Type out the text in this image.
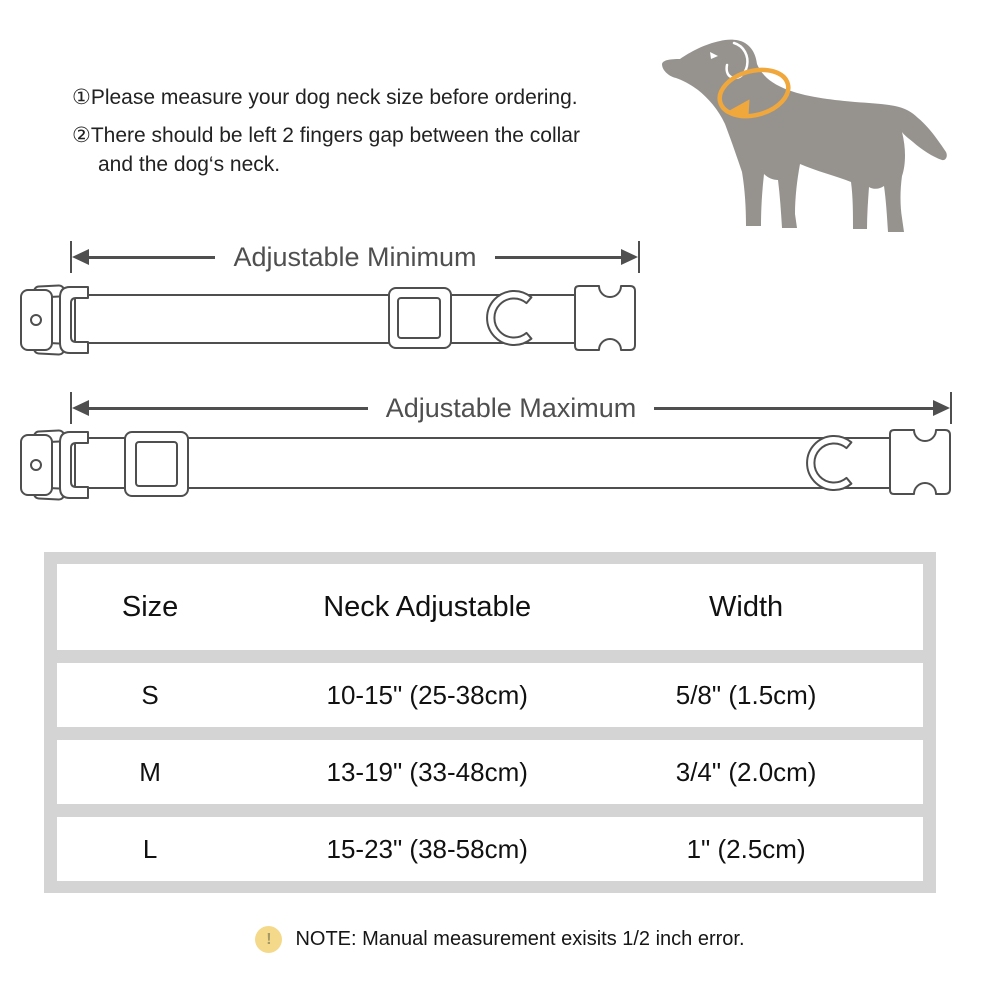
①Please measure your dog neck size before ordering.

②There should be left 2 fingers gap between the collar and the dog‘s neck.

Adjustable Minimum
Adjustable Maximum
Size	Neck Adjustable	Width
S	10-15" (25-38cm)	5/8" (1.5cm)
M	13-19" (33-48cm)	3/4" (2.0cm)
L	15-23" (38-58cm)	1" (2.5cm)
!	NOTE: Manual measurement exisits 1/2 inch error.
